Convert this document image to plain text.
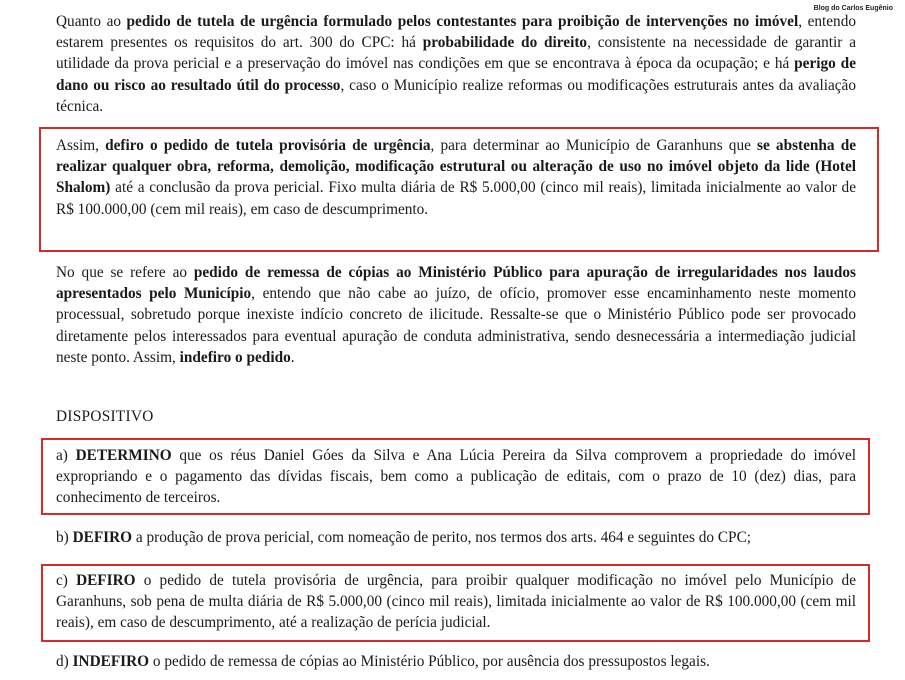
Blog do Carlos Eugênio

Quanto ao pedido de tutela de urgência formulado pelos contestantes para proibição de intervenções no imóvel, entendo estarem presentes os requisitos do art. 300 do CPC: há probabilidade do direito, consistente na necessidade de garantir a utilidade da prova pericial e a preservação do imóvel nas condições em que se encontrava à época da ocupação; e há perigo de dano ou risco ao resultado útil do processo, caso o Município realize reformas ou modificações estruturais antes da avaliação técnica.

Assim, defiro o pedido de tutela provisória de urgência, para determinar ao Município de Garanhuns que se abstenha de realizar qualquer obra, reforma, demolição, modificação estrutural ou alteração de uso no imóvel objeto da lide (Hotel Shalom) até a conclusão da prova pericial. Fixo multa diária de R$ 5.000,00 (cinco mil reais), limitada inicialmente ao valor de R$ 100.000,00 (cem mil reais), em caso de descumprimento.

No que se refere ao pedido de remessa de cópias ao Ministério Público para apuração de irregularidades nos laudos apresentados pelo Município, entendo que não cabe ao juízo, de ofício, promover esse encaminhamento neste momento processual, sobretudo porque inexiste indício concreto de ilicitude. Ressalte-se que o Ministério Público pode ser provocado diretamente pelos interessados para eventual apuração de conduta administrativa, sendo desnecessária a intermediação judicial neste ponto. Assim, indefiro o pedido.

DISPOSITIVO

a) DETERMINO que os réus Daniel Góes da Silva e Ana Lúcia Pereira da Silva comprovem a propriedade do imóvel expropriando e o pagamento das dívidas fiscais, bem como a publicação de editais, com o prazo de 10 (dez) dias, para conhecimento de terceiros.

b) DEFIRO a produção de prova pericial, com nomeação de perito, nos termos dos arts. 464 e seguintes do CPC;

c) DEFIRO o pedido de tutela provisória de urgência, para proibir qualquer modificação no imóvel pelo Município de Garanhuns, sob pena de multa diária de R$ 5.000,00 (cinco mil reais), limitada inicialmente ao valor de R$ 100.000,00 (cem mil reais), em caso de descumprimento, até a realização de perícia judicial.

d) INDEFIRO o pedido de remessa de cópias ao Ministério Público, por ausência dos pressupostos legais.
